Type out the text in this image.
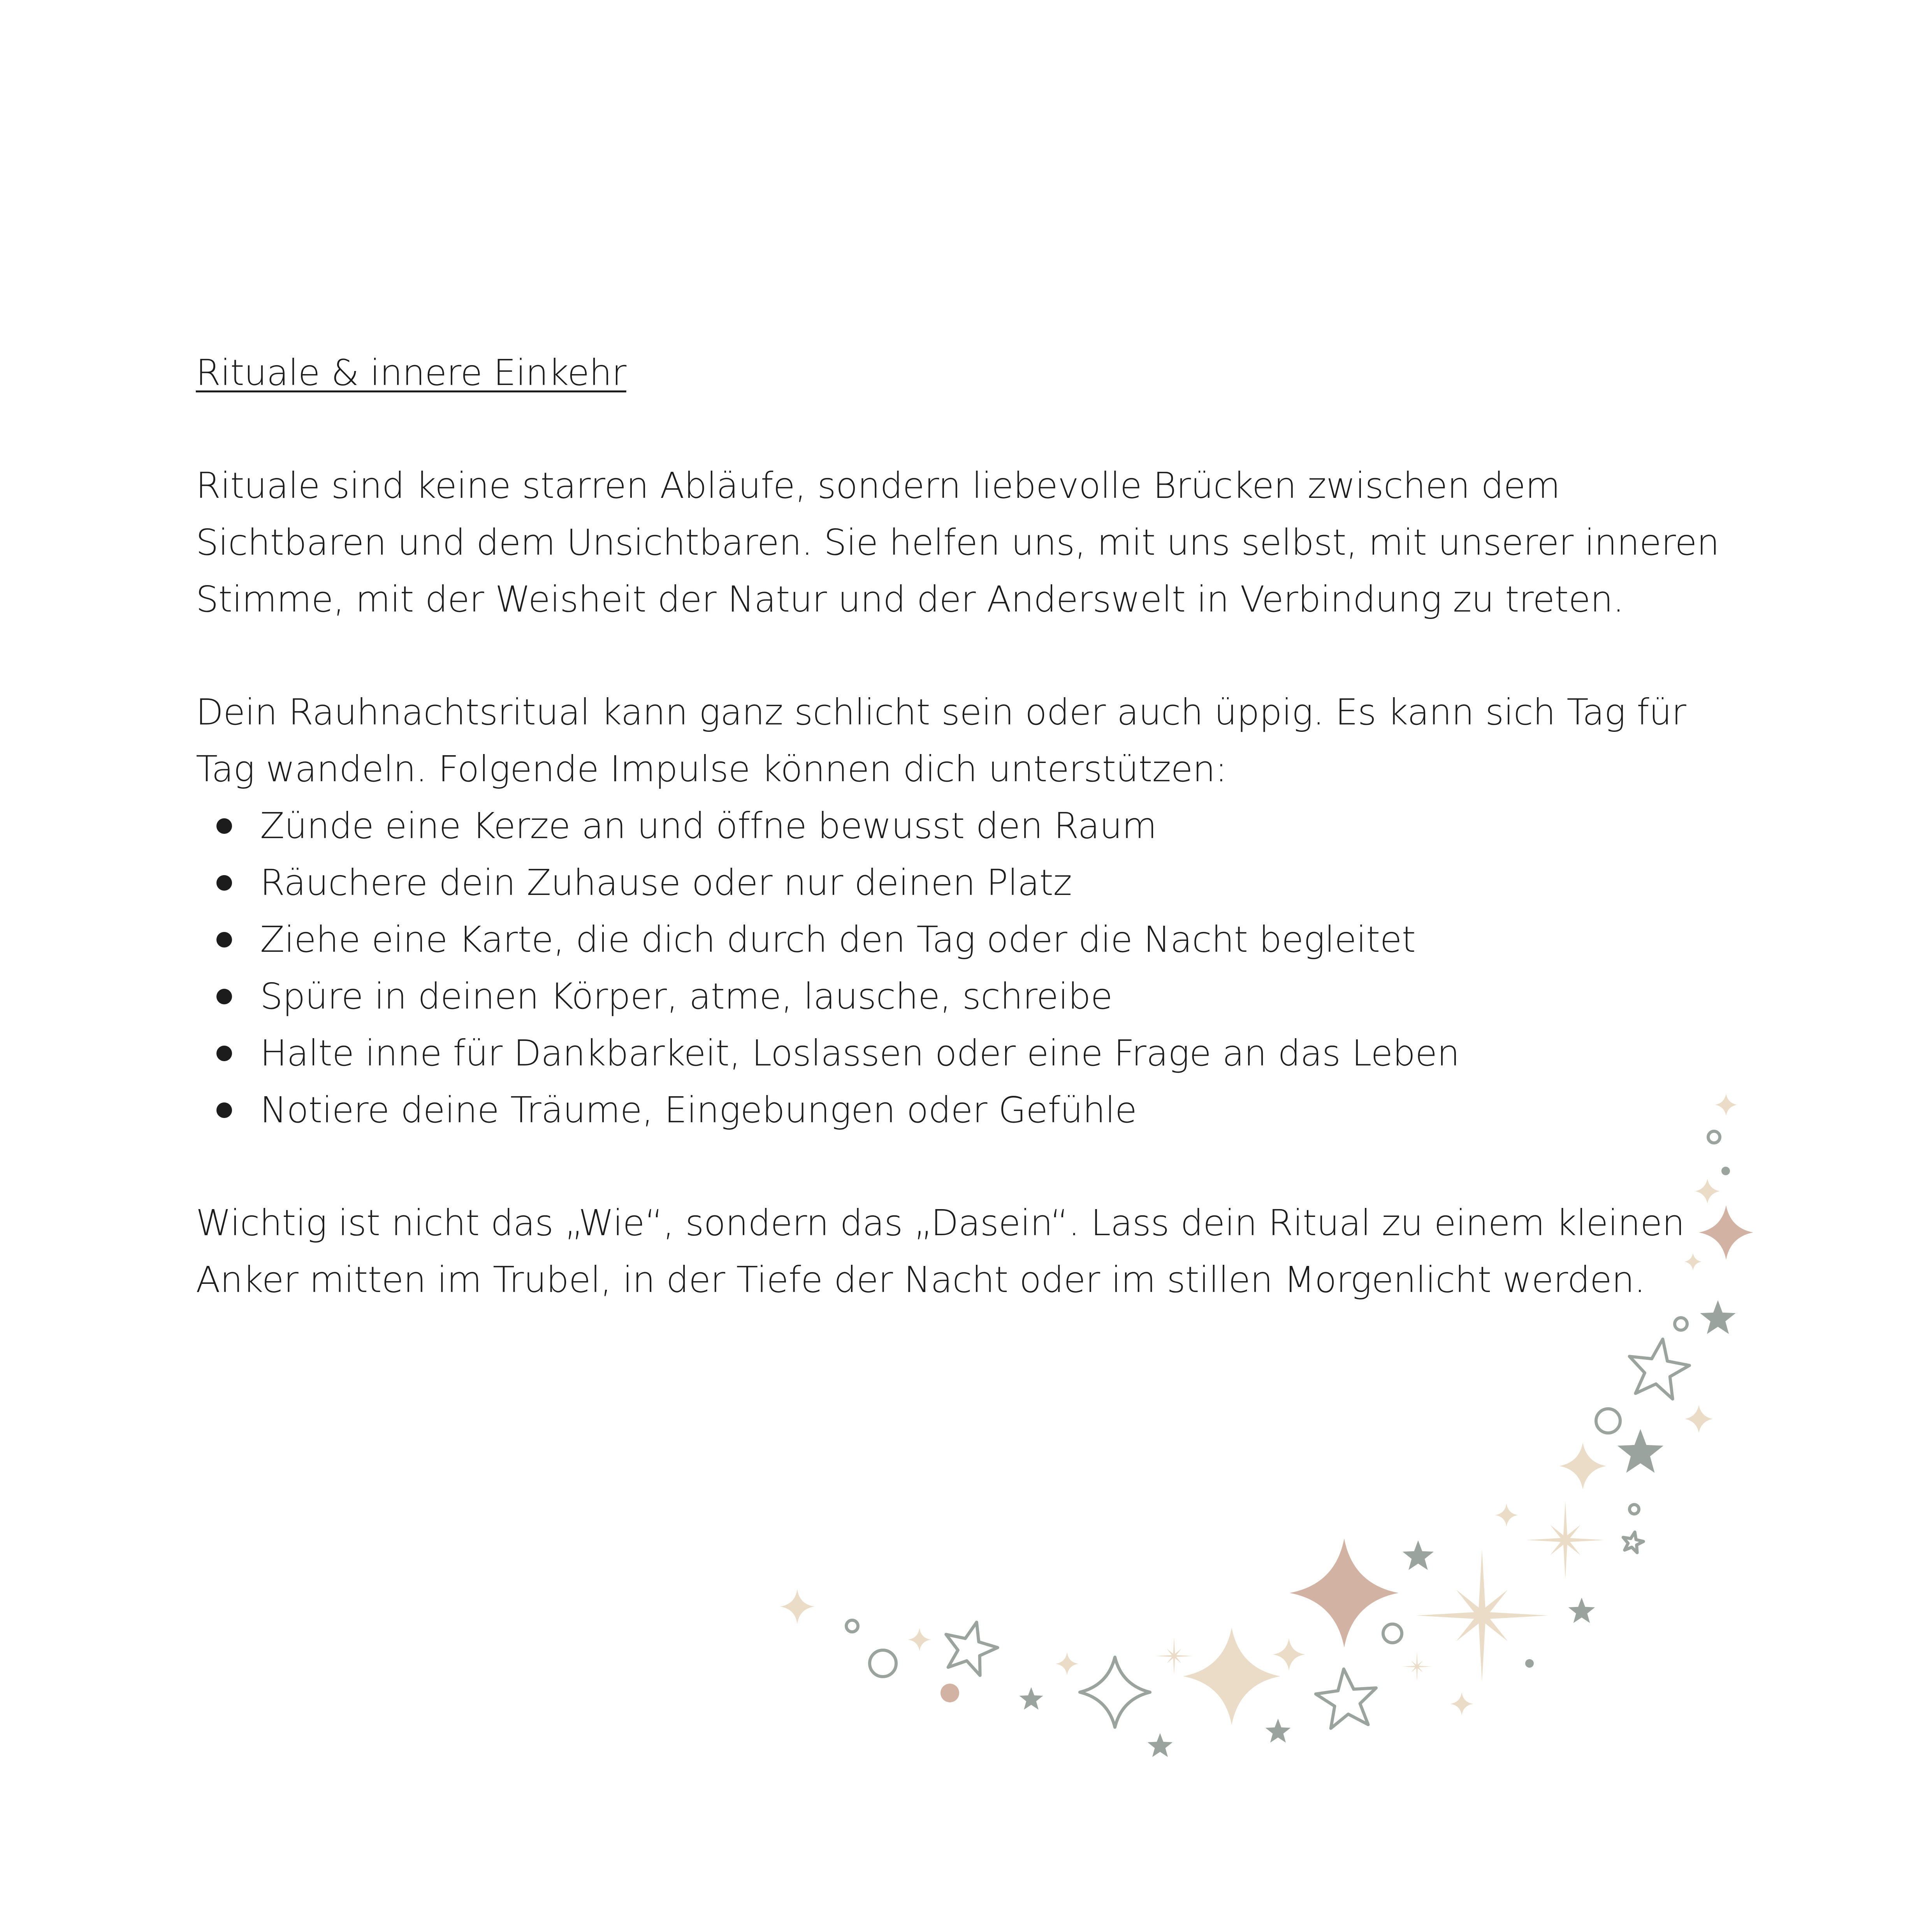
Rituale & innere Einkehr

Rituale sind keine starren Abläufe, sondern liebevolle Brücken zwischen dem Sichtbaren und dem Unsichtbaren. Sie helfen uns, mit uns selbst, mit unserer inneren Stimme, mit der Weisheit der Natur und der Anderswelt in Verbindung zu treten.

Dein Rauhnachtsritual kann ganz schlicht sein oder auch üppig. Es kann sich Tag für Tag wandeln. Folgende Impulse können dich unterstützen:

Zünde eine Kerze an und öffne bewusst den Raum
Räuchere dein Zuhause oder nur deinen Platz
Ziehe eine Karte, die dich durch den Tag oder die Nacht begleitet
Spüre in deinen Körper, atme, lausche, schreibe
Halte inne für Dankbarkeit, Loslassen oder eine Frage an das Leben
Notiere deine Träume, Eingebungen oder Gefühle

Wichtig ist nicht das „Wie“, sondern das „Dasein“. Lass dein Ritual zu einem kleinen Anker mitten im Trubel, in der Tiefe der Nacht oder im stillen Morgenlicht werden.
